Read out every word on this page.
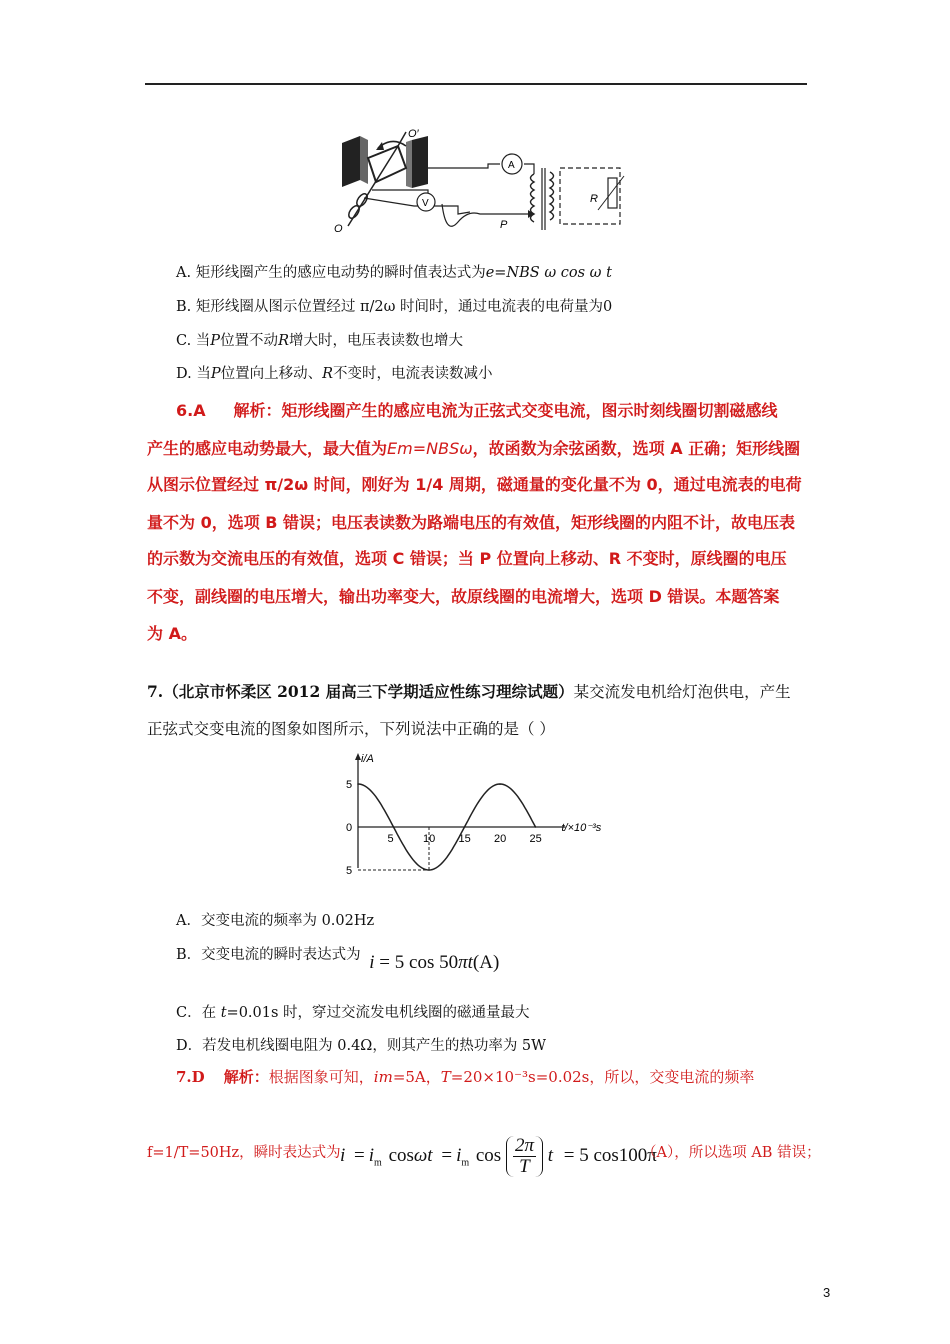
O′
O
A
V
P
R
A. 矩形线圈产生的感应电动势的瞬时值表达式为e=NBS ω cos ω t
B. 矩形线圈从图示位置经过 π/2ω 时间时，通过电流表的电荷量为0
C. 当P位置不动R增大时，电压表读数也增大
D. 当P位置向上移动、R不变时，电流表读数减小
6.A 解析：矩形线圈产生的感应电流为正弦式交变电流，图示时刻线圈切割磁感线
产生的感应电动势最大，最大值为Em=NBSω，故函数为余弦函数，选项 A 正确；矩形线圈
从图示位置经过 π/2ω 时间，刚好为 1/4 周期，磁通量的变化量不为 0，通过电流表的电荷
量不为 0，选项 B 错误；电压表读数为路端电压的有效值，矩形线圈的内阻不计，故电压表
的示数为交流电压的有效值，选项 C 错误；当 P 位置向上移动、R 不变时，原线圈的电压
不变，副线圈的电压增大，输出功率变大，故原线圈的电流增大，选项 D 错误。本题答案
为 A。
7.（北京市怀柔区 2012 届高三下学期适应性练习理综试题）某交流发电机给灯泡供电，产生
正弦式交变电流的图象如图所示，下列说法中正确的是（ ）
i/A
t/×10⁻³s
5
0
5
5	10 15 20 25
A．交变电流的频率为 0.02Hz
B．交变电流的瞬时表达式为 i = 5 cos 50πt(A)
C．在 t=0.01s 时，穿过交流发电机线圈的磁通量最大
D．若发电机线圈电阻为 0.4Ω，则其产生的热功率为 5W
7.D 解析：根据图象可知，im=5A，T=20×10⁻³s=0.02s，所以，交变电流的频率
f=1/T=50Hz，瞬时表达式为 $i = i_m$ $\cos\omega t = i_m$ $\cos \frac{2\pi}{T}$ t = 5 cos100π
（A），所以选项 AB 错误；
3
